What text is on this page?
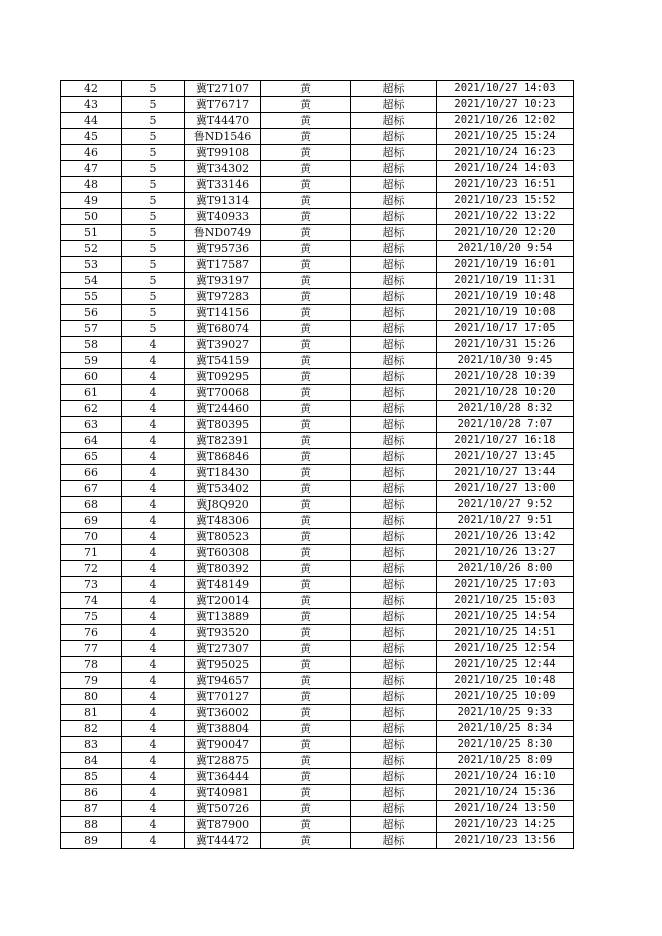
42	5	冀T27107	黄	超标	2021/10/27 14:03
43	5	冀T76717	黄	超标	2021/10/27 10:23
44	5	冀T44470	黄	超标	2021/10/26 12:02
45	5	鲁ND1546	黄	超标	2021/10/25 15:24
46	5	冀T99108	黄	超标	2021/10/24 16:23
47	5	冀T34302	黄	超标	2021/10/24 14:03
48	5	冀T33146	黄	超标	2021/10/23 16:51
49	5	冀T91314	黄	超标	2021/10/23 15:52
50	5	冀T40933	黄	超标	2021/10/22 13:22
51	5	鲁ND0749	黄	超标	2021/10/20 12:20
52	5	冀T95736	黄	超标	2021/10/20 9:54
53	5	冀T17587	黄	超标	2021/10/19 16:01
54	5	冀T93197	黄	超标	2021/10/19 11:31
55	5	冀T97283	黄	超标	2021/10/19 10:48
56	5	冀T14156	黄	超标	2021/10/19 10:08
57	5	冀T68074	黄	超标	2021/10/17 17:05
58	4	冀T39027	黄	超标	2021/10/31 15:26
59	4	冀T54159	黄	超标	2021/10/30 9:45
60	4	冀T09295	黄	超标	2021/10/28 10:39
61	4	冀T70068	黄	超标	2021/10/28 10:20
62	4	冀T24460	黄	超标	2021/10/28 8:32
63	4	冀T80395	黄	超标	2021/10/28 7:07
64	4	冀T82391	黄	超标	2021/10/27 16:18
65	4	冀T86846	黄	超标	2021/10/27 13:45
66	4	冀T18430	黄	超标	2021/10/27 13:44
67	4	冀T53402	黄	超标	2021/10/27 13:00
68	4	冀J8Q920	黄	超标	2021/10/27 9:52
69	4	冀T48306	黄	超标	2021/10/27 9:51
70	4	冀T80523	黄	超标	2021/10/26 13:42
71	4	冀T60308	黄	超标	2021/10/26 13:27
72	4	冀T80392	黄	超标	2021/10/26 8:00
73	4	冀T48149	黄	超标	2021/10/25 17:03
74	4	冀T20014	黄	超标	2021/10/25 15:03
75	4	冀T13889	黄	超标	2021/10/25 14:54
76	4	冀T93520	黄	超标	2021/10/25 14:51
77	4	冀T27307	黄	超标	2021/10/25 12:54
78	4	冀T95025	黄	超标	2021/10/25 12:44
79	4	冀T94657	黄	超标	2021/10/25 10:48
80	4	冀T70127	黄	超标	2021/10/25 10:09
81	4	冀T36002	黄	超标	2021/10/25 9:33
82	4	冀T38804	黄	超标	2021/10/25 8:34
83	4	冀T90047	黄	超标	2021/10/25 8:30
84	4	冀T28875	黄	超标	2021/10/25 8:09
85	4	冀T36444	黄	超标	2021/10/24 16:10
86	4	冀T40981	黄	超标	2021/10/24 15:36
87	4	冀T50726	黄	超标	2021/10/24 13:50
88	4	冀T87900	黄	超标	2021/10/23 14:25
89	4	冀T44472	黄	超标	2021/10/23 13:56
